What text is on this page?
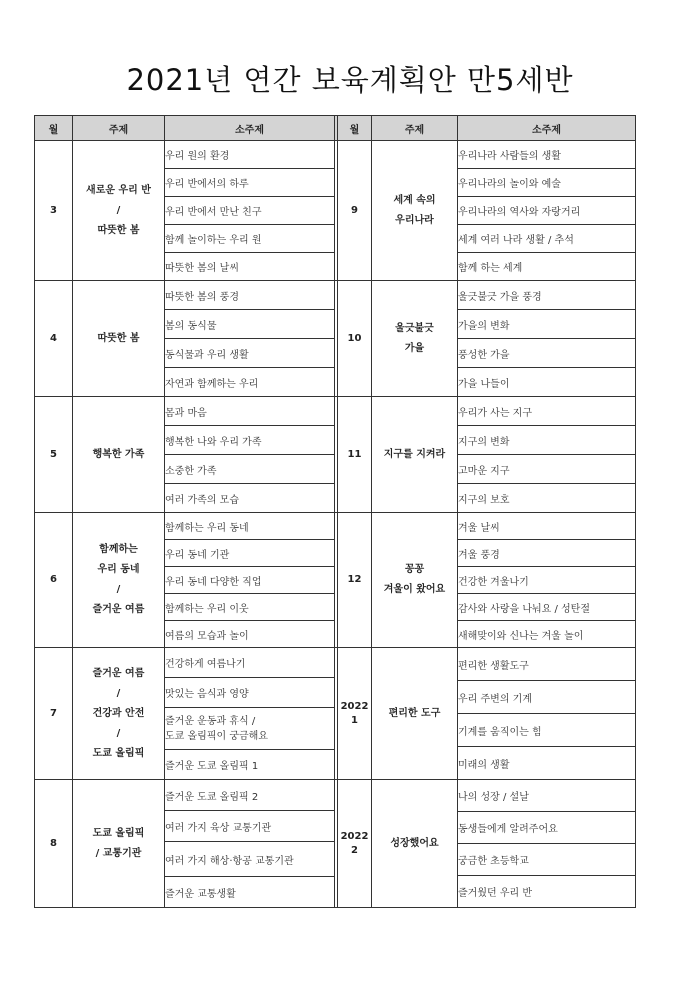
2021년 연간 보육계획안 만5세반
월	주제	소주제		월	주제	소주제

3	새로운 우리 반
/
따뜻한 봄	우리 원의 환경		9	세계 속의
우리나라	우리나라 사람들의 생활
		우리 반에서의 하루				우리나라의 놀이와 예술
		우리 반에서 만난 친구				우리나라의 역사와 자랑거리
		함께 놀이하는 우리 원				세계 여러 나라 생활 / 추석
		따뜻한 봄의 날씨				함께 하는 세계

4	따뜻한 봄	따뜻한 봄의 풍경		10	울긋불긋
가을	울긋불긋 가을 풍경
		봄의 동식물				가을의 변화
		동식물과 우리 생활				풍성한 가을
		자연과 함께하는 우리				가을 나들이

5	행복한 가족	몸과 마음		11	지구를 지켜라	우리가 사는 지구
		행복한 나와 우리 가족				지구의 변화
		소중한 가족				고마운 지구
		여러 가족의 모습				지구의 보호

6	함께하는
우리 동네
/
즐거운 여름	함께하는 우리 동네		12	꽁꽁
겨울이 왔어요	겨울 날씨
		우리 동네 기관				겨울 풍경
		우리 동네 다양한 직업				건강한 겨울나기
		함께하는 우리 이웃				감사와 사랑을 나눠요 / 성탄절
		여름의 모습과 놀이				새해맞이와 신나는 겨울 놀이

7	즐거운 여름
/
건강과 안전
/
도쿄 올림픽	건강하게 여름나기		2022
1	편리한 도구	편리한 생활도구
		맛있는 음식과 영양				
						우리 주변의 기계

		즐거운 운동과 휴식 /
도쿄 올림픽이 궁금해요				

						기계를 움직이는 힘
						미래의 생활
		즐거운 도쿄 올림픽 1				

8	도쿄 올림픽
/ 교통기관	즐거운 도쿄 올림픽 2		2022
2	성장했어요	나의 성장 / 설날
		여러 가지 육상 교통기관				
						동생들에게 알려주어요
		여러 가지 해상·항공 교통기관				
						궁금한 초등학교
						즐거웠던 우리 반
		즐거운 교통생활				
